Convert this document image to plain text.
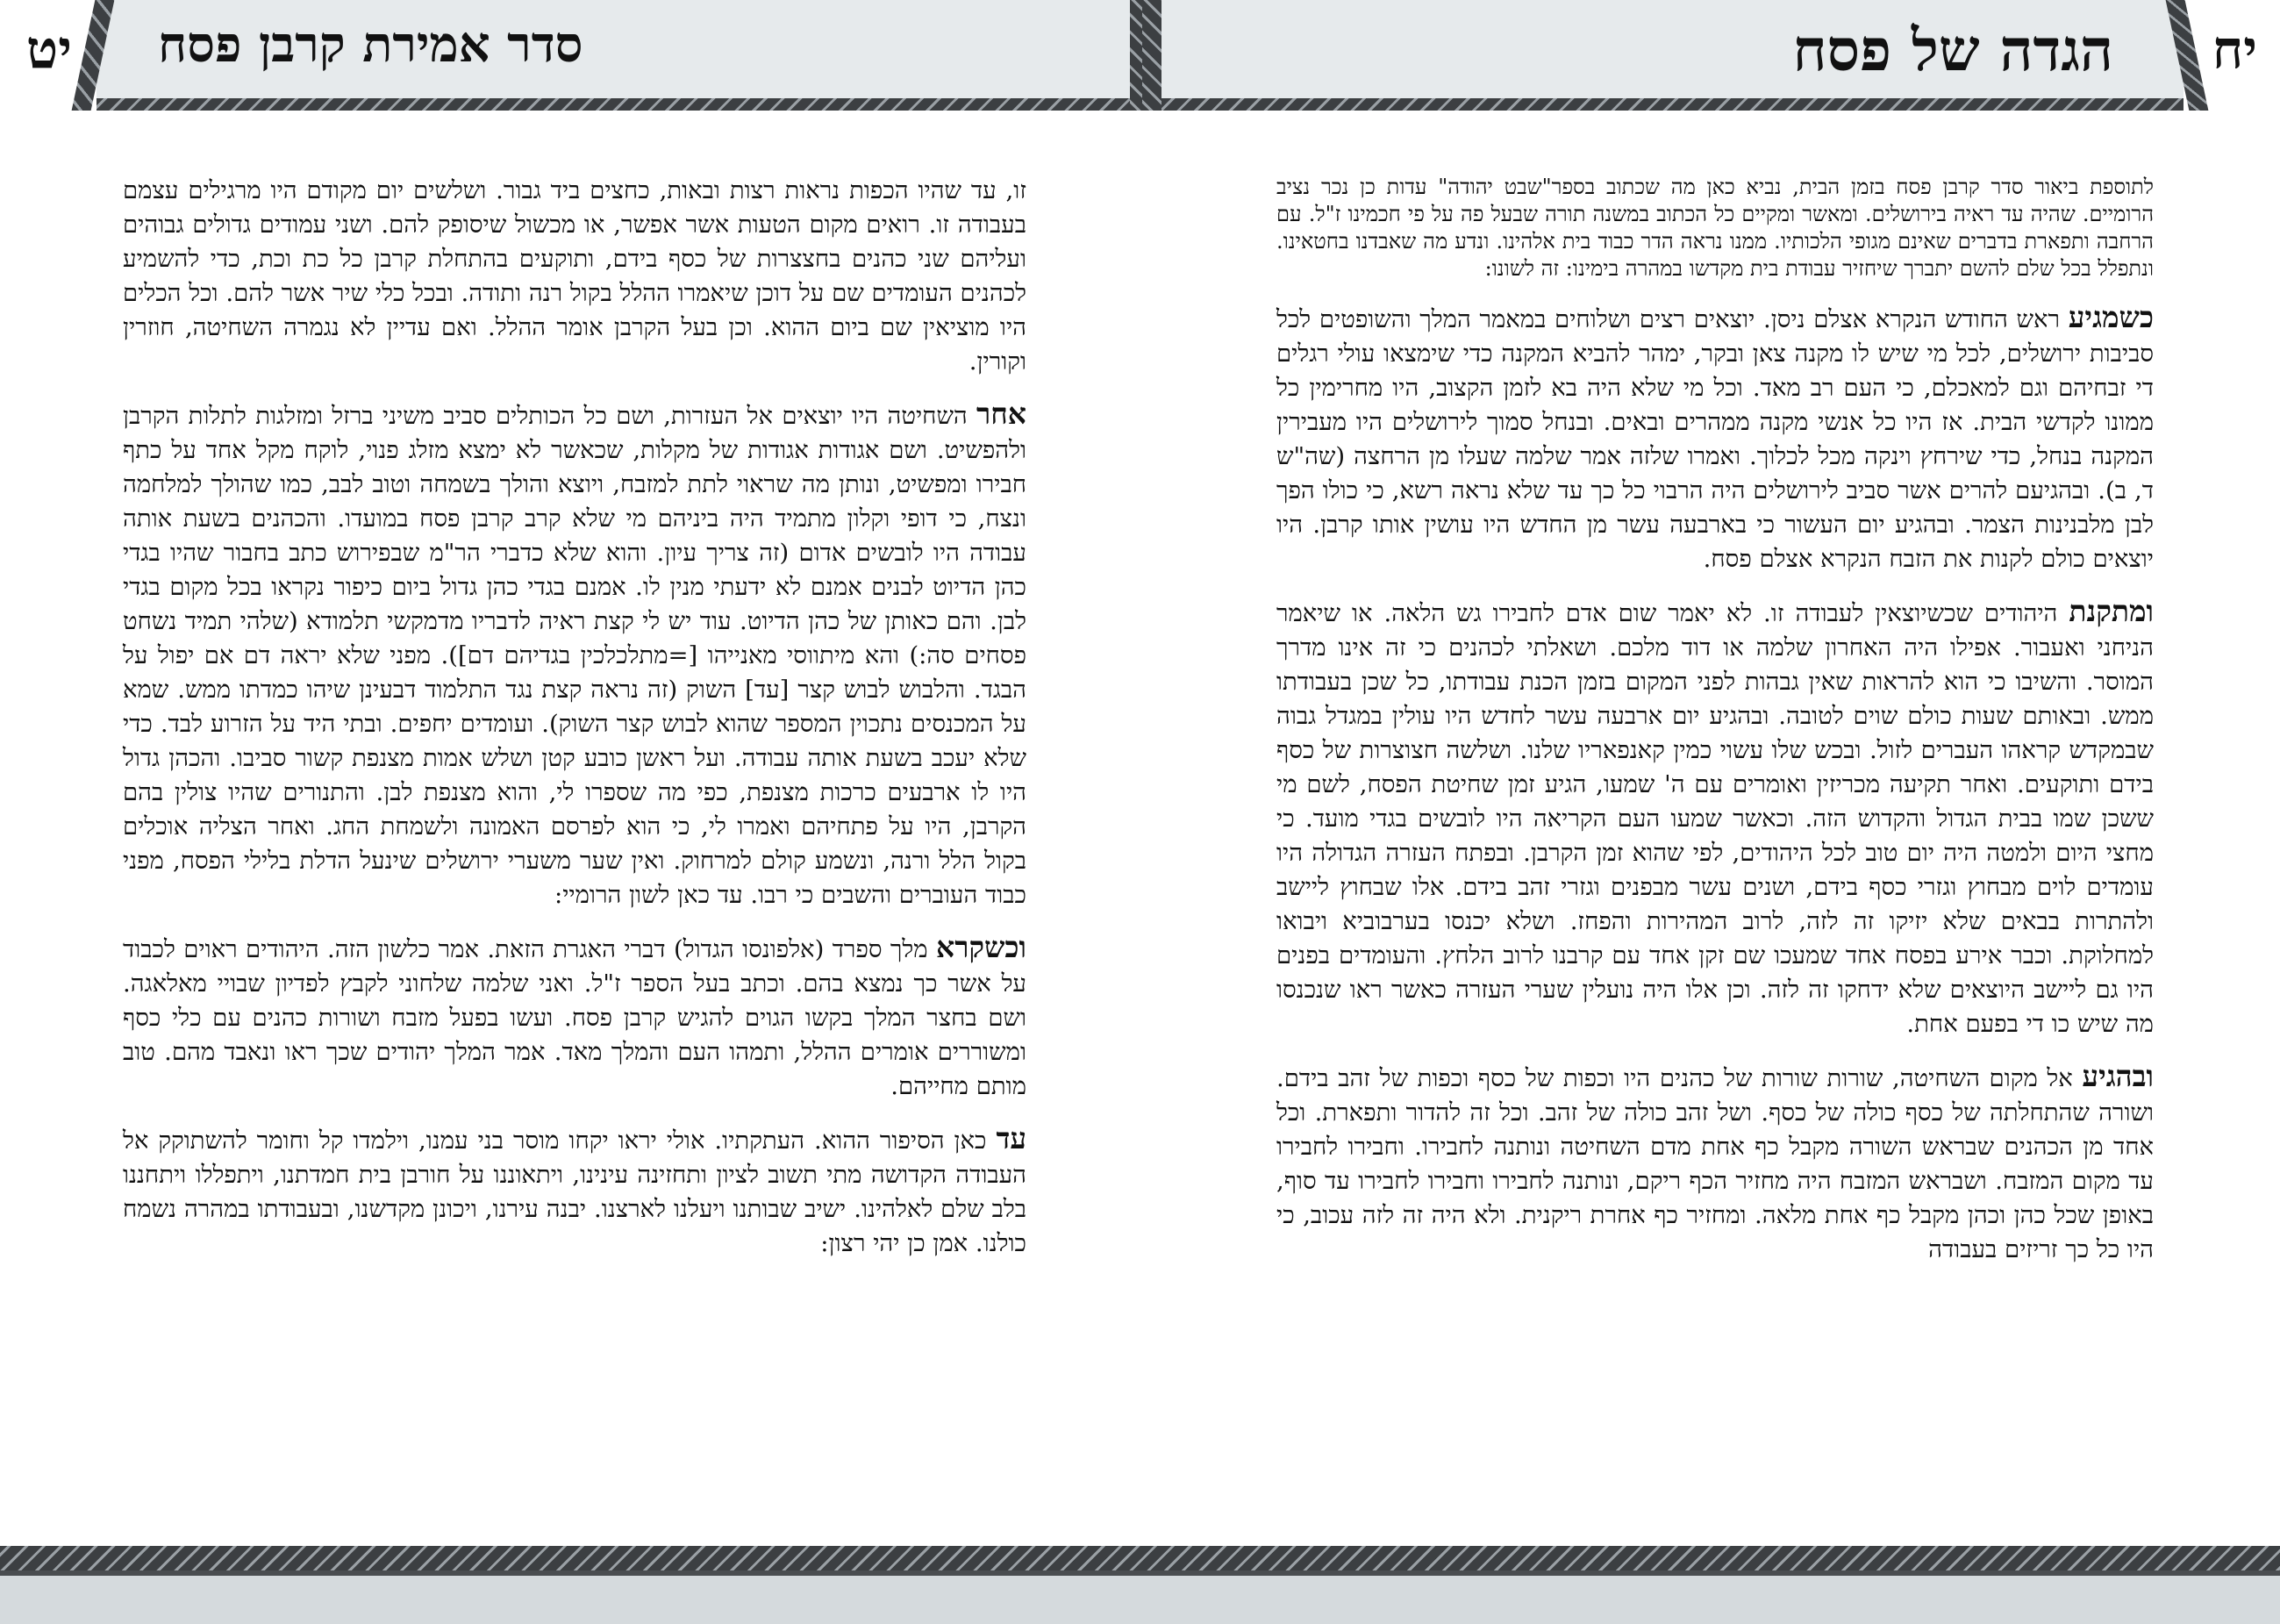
יט סדר אמירת קרבן פסח	הגדה של פסח יח

לתוספת ביאור סדר קרבן פסח בזמן הבית, נביא כאן מה שכתוב בספר"שבט יהודה" עדות כן נכר נציב הרומיים. שהיה עד ראיה בירושלים. ומאשר ומקיים כל הכתוב במשנה תורה שבעל פה על פי חכמינו ז"ל. עם הרחבה ותפארת בדברים שאינם מגופי הלכותיו. ממנו נראה הדר כבוד בית אלהינו. ונדע מה שאבדנו בחטאינו. ונתפלל בכל שלם להשם יתברך שיחזיר עבודת בית מקדשו במהרה בימינו: זה לשונו:

כשמגיע ראש החודש הנקרא אצלם ניסן. יוצאים רצים ושלוחים במאמר המלך והשופטים לכל סביבות ירושלים, לכל מי שיש לו מקנה צאן ובקר, ימהר להביא המקנה כדי שימצאו עולי רגלים די זבחיהם וגם למאכלם, כי העם רב מאד. וכל מי שלא היה בא לזמן הקצוב, היו מחרימין כל ממונו לקדשי הבית. אז היו כל אנשי מקנה ממהרים ובאים. ובנחל סמוך לירושלים היו מעבירין המקנה בנחל, כדי שירחץ וינקה מכל לכלוך. ואמרו שלזה אמר שלמה שעלו מן הרחצה (שה"ש ד, ב). ובהגיעם להרים אשר סביב לירושלים היה הרבוי כל כך עד שלא נראה רשא, כי כולו הפך לבן מלבנינות הצמר. ובהגיע יום העשור כי בארבעה עשר מן החדש היו עושין אותו קרבן. היו יוצאים כולם לקנות את הזבח הנקרא אצלם פסח.

ומתקנת היהודים שכשיוצאין לעבודה זו. לא יאמר שום אדם לחבירו גש הלאה. או שיאמר הניחני ואעבור. אפילו היה האחרון שלמה או דוד מלכם. ושאלתי לכהנים כי זה אינו מדרך המוסר. והשיבו כי הוא להראות שאין גבהות לפני המקום בזמן הכנת עבודתו, כל שכן בעבודתו ממש. ובאותם שעות כולם שוים לטובה. ובהגיע יום ארבעה עשר לחדש היו עולין במגדל גבוה שבמקדש קראהו העברים לזול. ובכש שלו עשוי כמין קאנפאריו שלנו. ושלשה חצוצרות של כסף בידם ותוקעים. ואחר תקיעה מכריזין ואומרים עם ה' שמעו, הגיע זמן שחיטת הפסח, לשם מי ששכן שמו בבית הגדול והקדוש הזה. וכאשר שמעו העם הקריאה היו לובשים בגדי מועד. כי מחצי היום ולמטה היה יום טוב לכל היהודים, לפי שהוא זמן הקרבן. ובפתח העזרה הגדולה היו עומדים לוים מבחוץ וגזרי כסף בידם, ושנים עשר מבפנים וגזרי זהב בידם. אלו שבחוץ ליישב ולהתרות בבאים שלא יזיקו זה לזה, לרוב המהירות והפחז. ושלא יכנסו בערבוביא ויבואו למחלוקת. וכבר אירע בפסח אחד שמעכו שם זקן אחד עם קרבנו לרוב הלחץ. והעומדים בפנים היו גם ליישב היוצאים שלא ידחקו זה לזה. וכן אלו היה נועלין שערי העזרה כאשר ראו שנכנסו מה שיש כו די בפעם אחת.

ובהגיע אל מקום השחיטה, שורות שורות של כהנים היו וכפות של כסף וכפות של זהב בידם. ושורה שהתחלתה של כסף כולה של כסף. ושל זהב כולה של זהב. וכל זה להדור ותפארת. וכל אחד מן הכהנים שבראש השורה מקבל כף אחת מדם השחיטה ונותנה לחבירו. וחבירו לחבירו עד מקום המזבח. ושבראש המזבח היה מחזיר הכף ריקם, ונותנה לחבירו וחבירו לחבירו עד סוף, באופן שכל כהן וכהן מקבל כף אחת מלאה. ומחזיר כף אחרת ריקנית. ולא היה זה לזה עכוב, כי היו כל כך זריזים בעבודה

זו, עד שהיו הכפות נראות רצות ובאות, כחצים ביד גבור. ושלשים יום מקודם היו מרגילים עצמם בעבודה זו. רואים מקום הטעות אשר אפשר, או מכשול שיסופק להם. ושני עמודים גדולים גבוהים ועליהם שני כהנים בחצצרות של כסף בידם, ותוקעים בהתחלת קרבן כל כת וכת, כדי להשמיע לכהנים העומדים שם על דוכן שיאמרו ההלל בקול רנה ותודה. ובכל כלי שיר אשר להם. וכל הכלים היו מוציאין שם ביום ההוא. וכן בעל הקרבן אומר ההלל. ואם עדיין לא נגמרה השחיטה, חוזרין וקורין.

אחר השחיטה היו יוצאים אל העזרות, ושם כל הכותלים סביב משיני ברזל ומזלגות לתלות הקרבן ולהפשיט. ושם אגודות אגודות של מקלות, שכאשר לא ימצא מזלג פנוי, לוקח מקל אחד על כתף חבירו ומפשיט, ונותן מה שראוי לתת למזבח, ויוצא והולך בשמחה וטוב לבב, כמו שהולך למלחמה ונצח, כי דופי וקלון מתמיד היה ביניהם מי שלא קרב קרבן פסח במועדו. והכהנים בשעת אותה עבודה היו לובשים אדום (זה צריך עיון. והוא שלא כדברי הר"מ שבפירוש כתב בחבור שהיו בגדי כהן הדיוט לבנים אמנם לא ידעתי מנין לו. אמנם בגדי כהן גדול ביום כיפור נקראו בכל מקום בגדי לבן. והם כאותן של כהן הדיוט. עוד יש לי קצת ראיה לדבריו מדמקשי תלמודא (שלהי תמיד נשחט פסחים סה:) והא מיתווסי מאנייהו [=מתלכלכין בגדיהם דם]). מפני שלא יראה דם אם יפול על הבגד. והלבוש לבוש קצר [עד] השוק (זה נראה קצת נגד התלמוד דבעינן שיהו כמדתו ממש. שמא על המכנסים נתכוין המספר שהוא לבוש קצר השוק). ועומדים יחפים. ובתי היד על הזרוע לבד. כדי שלא יעכב בשעת אותה עבודה. ועל ראשן כובע קטן ושלש אמות מצנפת קשור סביבו. והכהן גדול היו לו ארבעים כרכות מצנפת, כפי מה שספרו לי, והוא מצנפת לבן. והתנורים שהיו צולין בהם הקרבן, היו על פתחיהם ואמרו לי, כי הוא לפרסם האמונה ולשמחת החג. ואחר הצליה אוכלים בקול הלל ורנה, ונשמע קולם למרחוק. ואין שער משערי ירושלים שינעל הדלת בלילי הפסח, מפני כבוד העוברים והשבים כי רבו. עד כאן לשון הרומיי:

וכשקרא מלך ספרד (אלפונסו הגדול) דברי האגרת הזאת. אמר כלשון הזה. היהודים ראוים לכבוד על אשר כך נמצא בהם. וכתב בעל הספר ז"ל. ואני שלמה שלחוני לקבץ לפדיון שבויי מאלאגה. ושם בחצר המלך בקשו הגוים להגיש קרבן פסח. ועשו בפעל מזבח ושורות כהנים עם כלי כסף ומשוררים אומרים ההלל, ותמהו העם והמלך מאד. אמר המלך יהודים שכך ראו ונאבד מהם. טוב מותם מחייהם.

עד כאן הסיפור ההוא. העתקתיו. אולי יראו יקחו מוסר בני עמנו, וילמדו קל וחומר להשתוקק אל העבודה הקדושה מתי תשוב לציון ותחזינה עינינו, ויתאוננו על חורבן בית חמדתנו, ויתפללו ויתחננו בלב שלם לאלהינו. ישיב שבותנו ויעלנו לארצנו. יבנה עירנו, ויכונן מקדשנו, ובעבודתו במהרה נשמח כולנו. אמן כן יהי רצון:
